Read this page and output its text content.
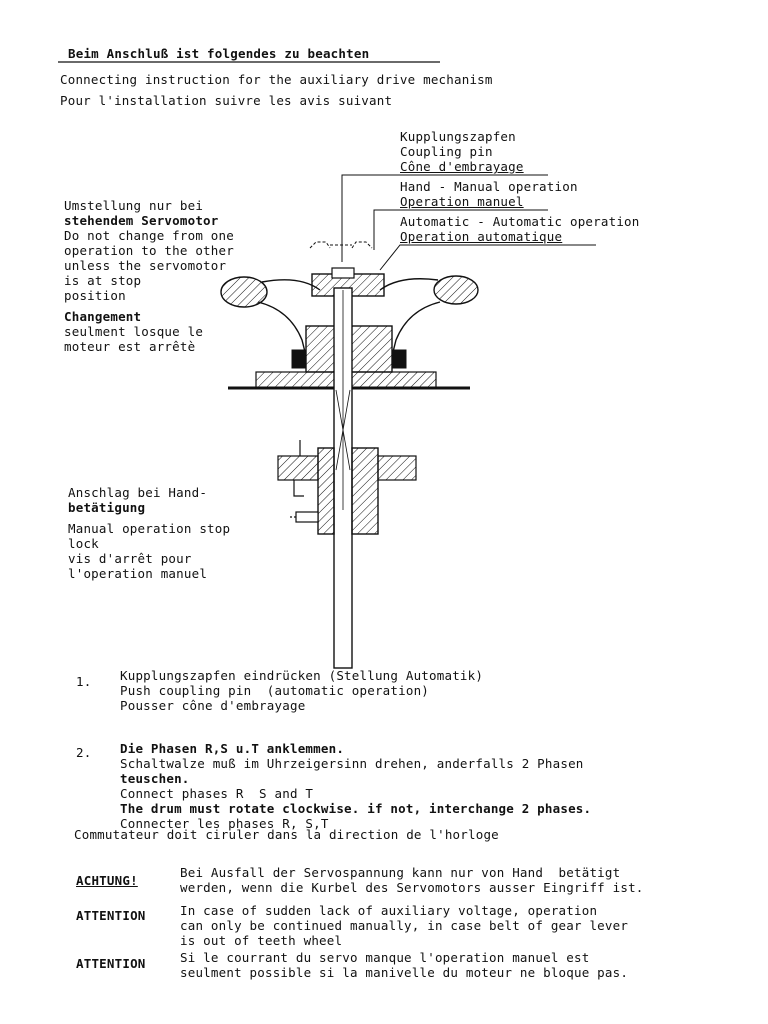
Beim Anschluß ist folgendes zu beachten
Connecting instruction for the auxiliary drive mechanism
Pour l'installation suivre les avis suivant
Kupplungszapfen
Coupling pin
Cône d'embrayage
Hand - Manual operation
Operation manuel
Automatic - Automatic operation
Operation automatique
Umstellung nur bei
stehendem Servomotor
Do not change from one
operation to the other
unless the servomotor
is at stop
position
Changement
seulment losque le
moteur est arrêtè
Anschlag bei Hand-
betätigung
Manual operation stop
lock
vis d'arrêt pour
l'operation manuel
1. Kupplungszapfen eindrücken (Stellung Automatik)
Push coupling pin  (automatic operation)
Pousser cône d'embrayage
2. Die Phasen R,S u.T anklemmen.
Schaltwalze muß im Uhrzeigersinn drehen, anderfalls 2 Phasen
teuschen.
Connect phases R  S and T
The drum must rotate clockwise. if not, interchange 2 phases.
Connecter les phases R, S,T
Commutateur doit ciruler dans la direction de l'horloge
ACHTUNG!
Bei Ausfall der Servospannung kann nur von Hand  betätigt
werden, wenn die Kurbel des Servomotors ausser Eingriff ist.
ATTENTION	In case of sudden lack of auxiliary voltage, operation
can only be continued manually, in case belt of gear lever
is out of teeth wheel
ATTENTION	Si le courrant du servo manque l'operation manuel est
seulment possible si la manivelle du moteur ne bloque pas.
